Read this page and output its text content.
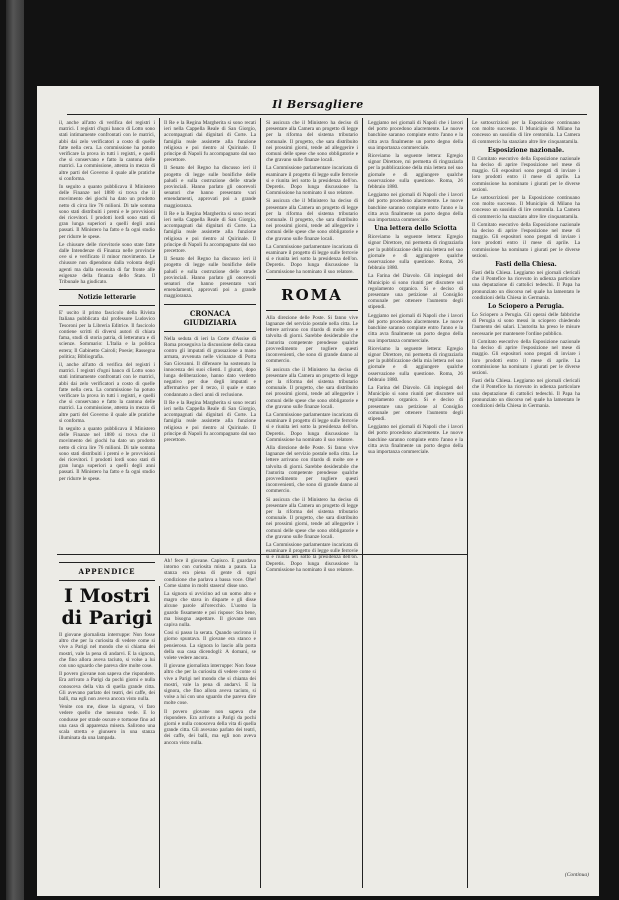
Il Bersagliere

il, anche all'atto di verifica del registri i matrici. I registri d'ogni banco di Lotto sono stati intimamente confrontati con le matrici, abbi dai zelo verificatori a costo di quelle fatte nella cera. La commissione ha potuto verificare la prova in tutti i registri, e quelli che si conservano e fatto la cantona delle matrici. La commissione, attenta in mezzo di altre parti del Governo il quale alle pratiche si conforma.

In seguito a quanto pubblicava il Ministero delle Finanze nel 1880 si trova che il movimento dei giochi ha dato un prodotto netto di circa lire 76 milioni. Di tale somma sono stati distribuiti i premi e le provvisioni dei ricevitori. I prodotti lordi sono stati di gran lunga superiori a quelli degli anni passati. Il Ministero ha fatto e fa ogni studio per ridurre le spese.

Le chiusure delle ricevitorie sono state fatte dalle Intendenze di Finanza nelle provincie ove si e verificato il minor movimento. Le chiusure non dipendono dalla volonta degli agenti ma dalla necessita di far fronte alle esigenze della finanza dello Stato. Il Tribunale ha giudicato.

Notizie letterarie

E' uscito il primo fascicolo della Rivista Italiana pubblicata dal professore Ludovico Tesoroni per la Libreria Editrice. Il fascicolo contiene scritti di diversi autori di chiara fama, studi di storia patria, di letteratura e di scienze. Sommario: L'Italia e la politica estera; Il Gabinetto Cairoli; Poesie; Rassegna politica; Bibliografia.

il, anche all'atto di verifica del registri i matrici. I registri d'ogni banco di Lotto sono stati intimamente confrontati con le matrici, abbi dai zelo verificatori a costo di quelle fatte nella cera. La commissione ha potuto verificare la prova in tutti i registri, e quelli che si conservano e fatto la cantona delle matrici. La commissione, attenta in mezzo di altre parti del Governo il quale alle pratiche si conforma.

In seguito a quanto pubblicava il Ministero delle Finanze nel 1880 si trova che il movimento dei giochi ha dato un prodotto netto di circa lire 76 milioni. Di tale somma sono stati distribuiti i premi e le provvisioni dei ricevitori. I prodotti lordi sono stati di gran lunga superiori a quelli degli anni passati. Il Ministero ha fatto e fa ogni studio per ridurre le spese.

Il Re e la Regina Margherita si sono recati ieri nella Cappella Reale di San Giorgio, accompagnati dai dignitari di Corte. La famiglia reale assistette alla funzione religiosa e poi rientro al Quirinale. Il principe di Napoli fu accompagnato dal suo precettore.

Il Senato del Regno ha discusso ieri il progetto di legge sulle bonifiche delle paludi e sulla costruzione delle strade provinciali. Hanno parlato gli onorevoli senatori che hanno presentato vari emendamenti, approvati poi a grande maggioranza.

Il Re e la Regina Margherita si sono recati ieri nella Cappella Reale di San Giorgio, accompagnati dai dignitari di Corte. La famiglia reale assistette alla funzione religiosa e poi rientro al Quirinale. Il principe di Napoli fu accompagnato dal suo precettore.

Il Senato del Regno ha discusso ieri il progetto di legge sulle bonifiche delle paludi e sulla costruzione delle strade provinciali. Hanno parlato gli onorevoli senatori che hanno presentato vari emendamenti, approvati poi a grande maggioranza.

CRONACA GIUDIZIARIA

Nella seduta di ieri la Corte d'Assise di Roma proseguiva la discussione della causa contro gli imputati di grassazione a mano armata, avvenuta nelle vicinanze di Porta San Giovanni. Il difensore ha sostenuto la innocenza dei suoi clienti. I giurati, dopo lunga deliberazione, hanno dato verdetto negativo per due degli imputati e affermativo per il terzo, il quale e stato condannato a dieci anni di reclusione.

Il Re e la Regina Margherita si sono recati ieri nella Cappella Reale di San Giorgio, accompagnati dai dignitari di Corte. La famiglia reale assistette alla funzione religiosa e poi rientro al Quirinale. Il principe di Napoli fu accompagnato dal suo precettore.

Si assicura che il Ministero ha deciso di presentare alla Camera un progetto di legge per la riforma del sistema tributario comunale. Il progetto, che sara distribuito nei prossimi giorni, tende ad alleggerire i comuni delle spese che sono obbligatorie e che gravano sulle finanze locali.

La Commissione parlamentare incaricata di esaminare il progetto di legge sulle ferrovie si e riunita ieri sotto la presidenza dell'on. Depretis. Dopo lunga discussione la Commissione ha nominato il suo relatore.

Si assicura che il Ministero ha deciso di presentare alla Camera un progetto di legge per la riforma del sistema tributario comunale. Il progetto, che sara distribuito nei prossimi giorni, tende ad alleggerire i comuni delle spese che sono obbligatorie e che gravano sulle finanze locali.

La Commissione parlamentare incaricata di esaminare il progetto di legge sulle ferrovie si e riunita ieri sotto la presidenza dell'on. Depretis. Dopo lunga discussione la Commissione ha nominato il suo relatore.

ROMA

Alla direzione delle Poste. Si fanno vive lagnanze del servizio postale nella citta. Le lettere arrivano con ritardo di molte ore e talvolta di giorni. Sarebbe desiderabile che l'autorita competente prendesse qualche provvedimento per togliere questi inconvenienti, che sono di grande danno al commercio.

Si assicura che il Ministero ha deciso di presentare alla Camera un progetto di legge per la riforma del sistema tributario comunale. Il progetto, che sara distribuito nei prossimi giorni, tende ad alleggerire i comuni delle spese che sono obbligatorie e che gravano sulle finanze locali.

La Commissione parlamentare incaricata di esaminare il progetto di legge sulle ferrovie si e riunita ieri sotto la presidenza dell'on. Depretis. Dopo lunga discussione la Commissione ha nominato il suo relatore.

Alla direzione delle Poste. Si fanno vive lagnanze del servizio postale nella citta. Le lettere arrivano con ritardo di molte ore e talvolta di giorni. Sarebbe desiderabile che l'autorita competente prendesse qualche provvedimento per togliere questi inconvenienti, che sono di grande danno al commercio.

Si assicura che il Ministero ha deciso di presentare alla Camera un progetto di legge per la riforma del sistema tributario comunale. Il progetto, che sara distribuito nei prossimi giorni, tende ad alleggerire i comuni delle spese che sono obbligatorie e che gravano sulle finanze locali.

La Commissione parlamentare incaricata di esaminare il progetto di legge sulle ferrovie si e riunita ieri sotto la presidenza dell'on. Depretis. Dopo lunga discussione la Commissione ha nominato il suo relatore.

Leggiamo nei giornali di Napoli che i lavori del porto procedono alacremente. Le nuove banchine saranno compiute entro l'anno e la citta avra finalmente un porto degno della sua importanza commerciale.

Riceviamo la seguente lettera: Egregio signor Direttore, mi permetta di ringraziarla per la pubblicazione della mia lettera nel suo giornale e di aggiungere qualche osservazione sulla questione. Roma, 26 febbraio 1880.

Leggiamo nei giornali di Napoli che i lavori del porto procedono alacremente. Le nuove banchine saranno compiute entro l'anno e la citta avra finalmente un porto degno della sua importanza commerciale.

Una lettera dello Sciotta

Riceviamo la seguente lettera: Egregio signor Direttore, mi permetta di ringraziarla per la pubblicazione della mia lettera nel suo giornale e di aggiungere qualche osservazione sulla questione. Roma, 26 febbraio 1880.

La Farina del Diavolo. Gli impiegati del Municipio si sono riuniti per discutere sul regolamento organico. Si e deciso di presentare una petizione al Consiglio comunale per ottenere l'aumento degli stipendi.

Leggiamo nei giornali di Napoli che i lavori del porto procedono alacremente. Le nuove banchine saranno compiute entro l'anno e la citta avra finalmente un porto degno della sua importanza commerciale.

Riceviamo la seguente lettera: Egregio signor Direttore, mi permetta di ringraziarla per la pubblicazione della mia lettera nel suo giornale e di aggiungere qualche osservazione sulla questione. Roma, 26 febbraio 1880.

La Farina del Diavolo. Gli impiegati del Municipio si sono riuniti per discutere sul regolamento organico. Si e deciso di presentare una petizione al Consiglio comunale per ottenere l'aumento degli stipendi.

Leggiamo nei giornali di Napoli che i lavori del porto procedono alacremente. Le nuove banchine saranno compiute entro l'anno e la citta avra finalmente un porto degno della sua importanza commerciale.

Le sottoscrizioni per la Esposizione continuano con molto successo. Il Municipio di Milano ha concesso un sussidio di lire centomila. La Camera di commercio ha stanziato altre lire cinquantamila.

Esposizione nazionale.

Il Comitato esecutivo della Esposizione nazionale ha deciso di aprire l'esposizione nel mese di maggio. Gli espositori sono pregati di inviare i loro prodotti entro il mese di aprile. La commissione ha nominato i giurati per le diverse sezioni.

Le sottoscrizioni per la Esposizione continuano con molto successo. Il Municipio di Milano ha concesso un sussidio di lire centomila. La Camera di commercio ha stanziato altre lire cinquantamila.

Il Comitato esecutivo della Esposizione nazionale ha deciso di aprire l'esposizione nel mese di maggio. Gli espositori sono pregati di inviare i loro prodotti entro il mese di aprile. La commissione ha nominato i giurati per le diverse sezioni.

Fasti della Chiesa.

Fasti della Chiesa. Leggiamo nei giornali clericali che il Pontefice ha ricevuto in udienza particolare una deputazione di cattolici tedeschi. Il Papa ha pronunziato un discorso nel quale ha lamentato le condizioni della Chiesa in Germania.

Lo Sciopero a Perugia.

Lo Sciopero a Perugia. Gli operai delle fabbriche di Perugia si sono messi in sciopero chiedendo l'aumento dei salari. L'autorita ha preso le misure necessarie per mantenere l'ordine pubblico.

Il Comitato esecutivo della Esposizione nazionale ha deciso di aprire l'esposizione nel mese di maggio. Gli espositori sono pregati di inviare i loro prodotti entro il mese di aprile. La commissione ha nominato i giurati per le diverse sezioni.

Fasti della Chiesa. Leggiamo nei giornali clericali che il Pontefice ha ricevuto in udienza particolare una deputazione di cattolici tedeschi. Il Papa ha pronunziato un discorso nel quale ha lamentato le condizioni della Chiesa in Germania.

APPENDICE
I Mostri di Parigi

Il giovane giornalista interruppe: Non fosse altro che per la curiosita di vedere come si vive a Parigi nel mondo che si chiama dei mostri, vale la pena di andarvi. E la signora, che fino allora aveva taciuto, si volse a lui con uno sguardo che pareva dire molte cose.

Il povero giovane non sapeva che rispondere. Era arrivato a Parigi da pochi giorni e nulla conosceva della vita di quella grande citta. Gli avevano parlato dei teatri, dei caffe, dei balli, ma egli non aveva ancora visto nulla.

Venite con me, disse la signora, vi faro vedere quello che nessuno vede. E lo condusse per strade oscure e tortuose fino ad una casa di apparenza misera. Salirono una scala stretta e giunsero in una stanza illuminata da una lampada.

Ah! fece il giovane. Capisco. E guardava intorno con curiosita mista a paura. La stanza era piena di gente di ogni condizione che parlava a bassa voce. Ohe! Come siamo in molti stasera! disse uno.

La signora si avvicino ad un uomo alto e magro che stava in disparte e gli disse alcune parole all'orecchio. L'uomo la guardo fissamente e poi rispose: Sta bene, ma bisogna aspettare. Il giovane non capiva nulla.

Cosi si passo la serata. Quando uscirono il giorno spuntava. Il giovane era stanco e pensieroso. La signora lo lascio alla porta della sua casa dicendogli: A domani, se volete vedere ancora.

Il giovane giornalista interruppe: Non fosse altro che per la curiosita di vedere come si vive a Parigi nel mondo che si chiama dei mostri, vale la pena di andarvi. E la signora, che fino allora aveva taciuto, si volse a lui con uno sguardo che pareva dire molte cose.

Il povero giovane non sapeva che rispondere. Era arrivato a Parigi da pochi giorni e nulla conosceva della vita di quella grande citta. Gli avevano parlato dei teatri, dei caffe, dei balli, ma egli non aveva ancora visto nulla.

(Continua)
